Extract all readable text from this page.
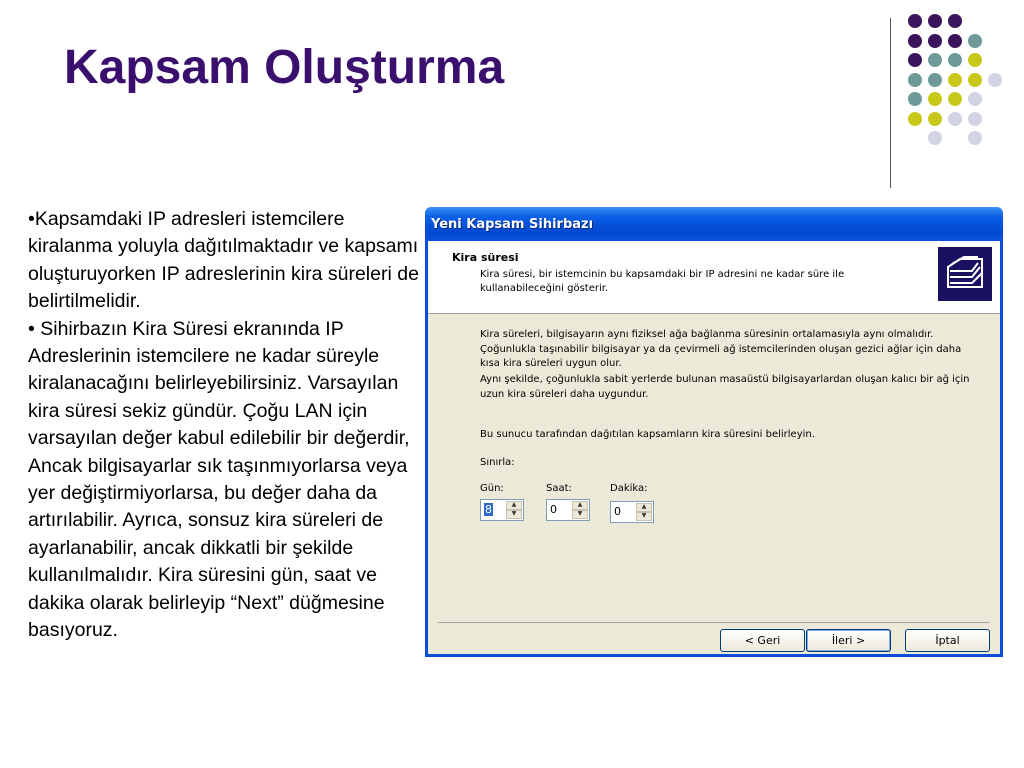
Kapsam Oluşturma

•Kapsamdaki IP adresleri istemcilere kiralanma yoluyla dağıtılmaktadır ve kapsamı oluşturuyorken IP adreslerinin kira süreleri de belirtilmelidir.

• Sihirbazın Kira Süresi ekranında IP Adreslerinin istemcilere ne kadar süreyle kiralanacağını belirleyebilirsiniz. Varsayılan kira süresi sekiz gündür. Çoğu LAN için varsayılan değer kabul edilebilir bir değerdir, Ancak bilgisayarlar sık taşınmıyorlarsa veya yer değiştirmiyorlarsa, bu değer daha da artırılabilir. Ayrıca, sonsuz kira süreleri de ayarlanabilir, ancak dikkatli bir şekilde kullanılmalıdır. Kira süresini gün, saat ve dakika olarak belirleyip “Next” düğmesine basıyoruz.

Yeni Kapsam Sihirbazı
Kira süresi
Kira süresi, bir istemcinin bu kapsamdaki bir IP adresini ne kadar süre ile kullanabileceğini gösterir.
Kira süreleri, bilgisayarın aynı fiziksel ağa bağlanma süresinin ortalamasıyla aynı olmalıdır. Çoğunlukla taşınabilir bilgisayar ya da çevirmeli ağ istemcilerinden oluşan gezici ağlar için daha kısa kira süreleri uygun olur.
Aynı şekilde, çoğunlukla sabit yerlerde bulunan masaüstü bilgisayarlardan oluşan kalıcı bir ağ için uzun kira süreleri daha uygundur.
Bu sunucu tarafından dağıtılan kapsamların kira süresini belirleyin.
Sınırla:
Gün:
8	▲
▼
Saat:
0	▲
▼
Dakika:
0	▲
▼
< Geri	İleri >	İptal
